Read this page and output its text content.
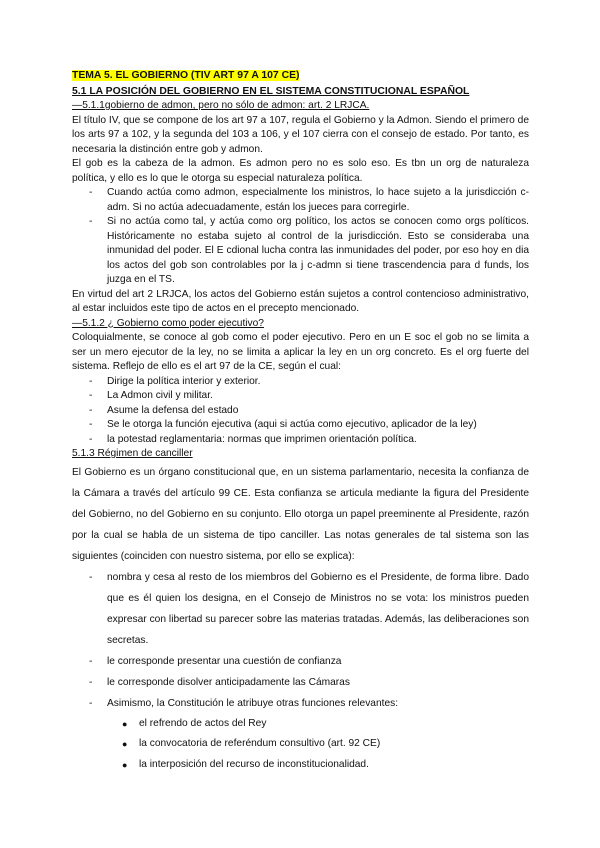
TEMA 5. EL GOBIERNO (TIV ART 97 A 107 CE)
5.1 LA POSICIÓN DEL GOBIERNO EN EL SISTEMA CONSTITUCIONAL ESPAÑOL
—5.1.1gobierno de admon, pero no sólo de admon: art. 2 LRJCA.

El título IV, que se compone de los art 97 a 107, regula el Gobierno y la Admon. Siendo el primero de los arts 97 a 102, y la segunda del 103 a 106, y el 107 cierra con el consejo de estado. Por tanto, es necesaria la distinción entre gob y admon.

El gob es la cabeza de la admon. Es admon pero no es solo eso. Es tbn un org de naturaleza política, y ello es lo que le otorga su especial naturaleza política.

- Cuando actúa como admon, especialmente los ministros, lo hace sujeto a la jurisdicción c-adm. Si no actúa adecuadamente, están los jueces para corregirle.
- Si no actúa como tal, y actúa como org político, los actos se conocen como orgs políticos. Históricamente no estaba sujeto al control de la jurisdicción. Esto se consideraba una inmunidad del poder. El E cdional lucha contra las inmunidades del poder, por eso hoy en dia los actos del gob son controlables por la j c-admn si tiene trascendencia para d funds, los juzga en el TS.

En virtud del art 2 LRJCA, los actos del Gobierno están sujetos a control contencioso administrativo, al estar incluidos este tipo de actos en el precepto mencionado.

—5.1.2 ¿ Gobierno como poder ejecutivo?

Coloquialmente, se conoce al gob como el poder ejecutivo. Pero en un E soc el gob no se limita a ser un mero ejecutor de la ley, no se limita a aplicar la ley en un org concreto. Es el org fuerte del sistema. Reflejo de ello es el art 97 de la CE, según el cual:

- Dirige la política interior y exterior.
- La Admon civil y militar.
- Asume la defensa del estado
- Se le otorga la función ejecutiva (aqui si actúa como ejecutivo, aplicador de la ley)
- la potestad reglamentaria: normas que imprimen orientación política.
5.1.3 Régimen de canciller

El Gobierno es un órgano constitucional que, en un sistema parlamentario, necesita la confianza de la Cámara a través del artículo 99 CE. Esta confianza se articula mediante la figura del Presidente del Gobierno, no del Gobierno en su conjunto. Ello otorga un papel preeminente al Presidente, razón por la cual se habla de un sistema de tipo canciller. Las notas generales de tal sistema son las siguientes (coinciden con nuestro sistema, por ello se explica):

- nombra y cesa al resto de los miembros del Gobierno es el Presidente, de forma libre. Dado que es él quien los designa, en el Consejo de Ministros no se vota: los ministros pueden expresar con libertad su parecer sobre las materias tratadas. Además, las deliberaciones son secretas.
- le corresponde presentar una cuestión de confianza
- le corresponde disolver anticipadamente las Cámaras
- Asimismo, la Constitución le atribuye otras funciones relevantes:
● el refrendo de actos del Rey
● la convocatoria de referéndum consultivo (art. 92 CE)
● la interposición del recurso de inconstitucionalidad.
